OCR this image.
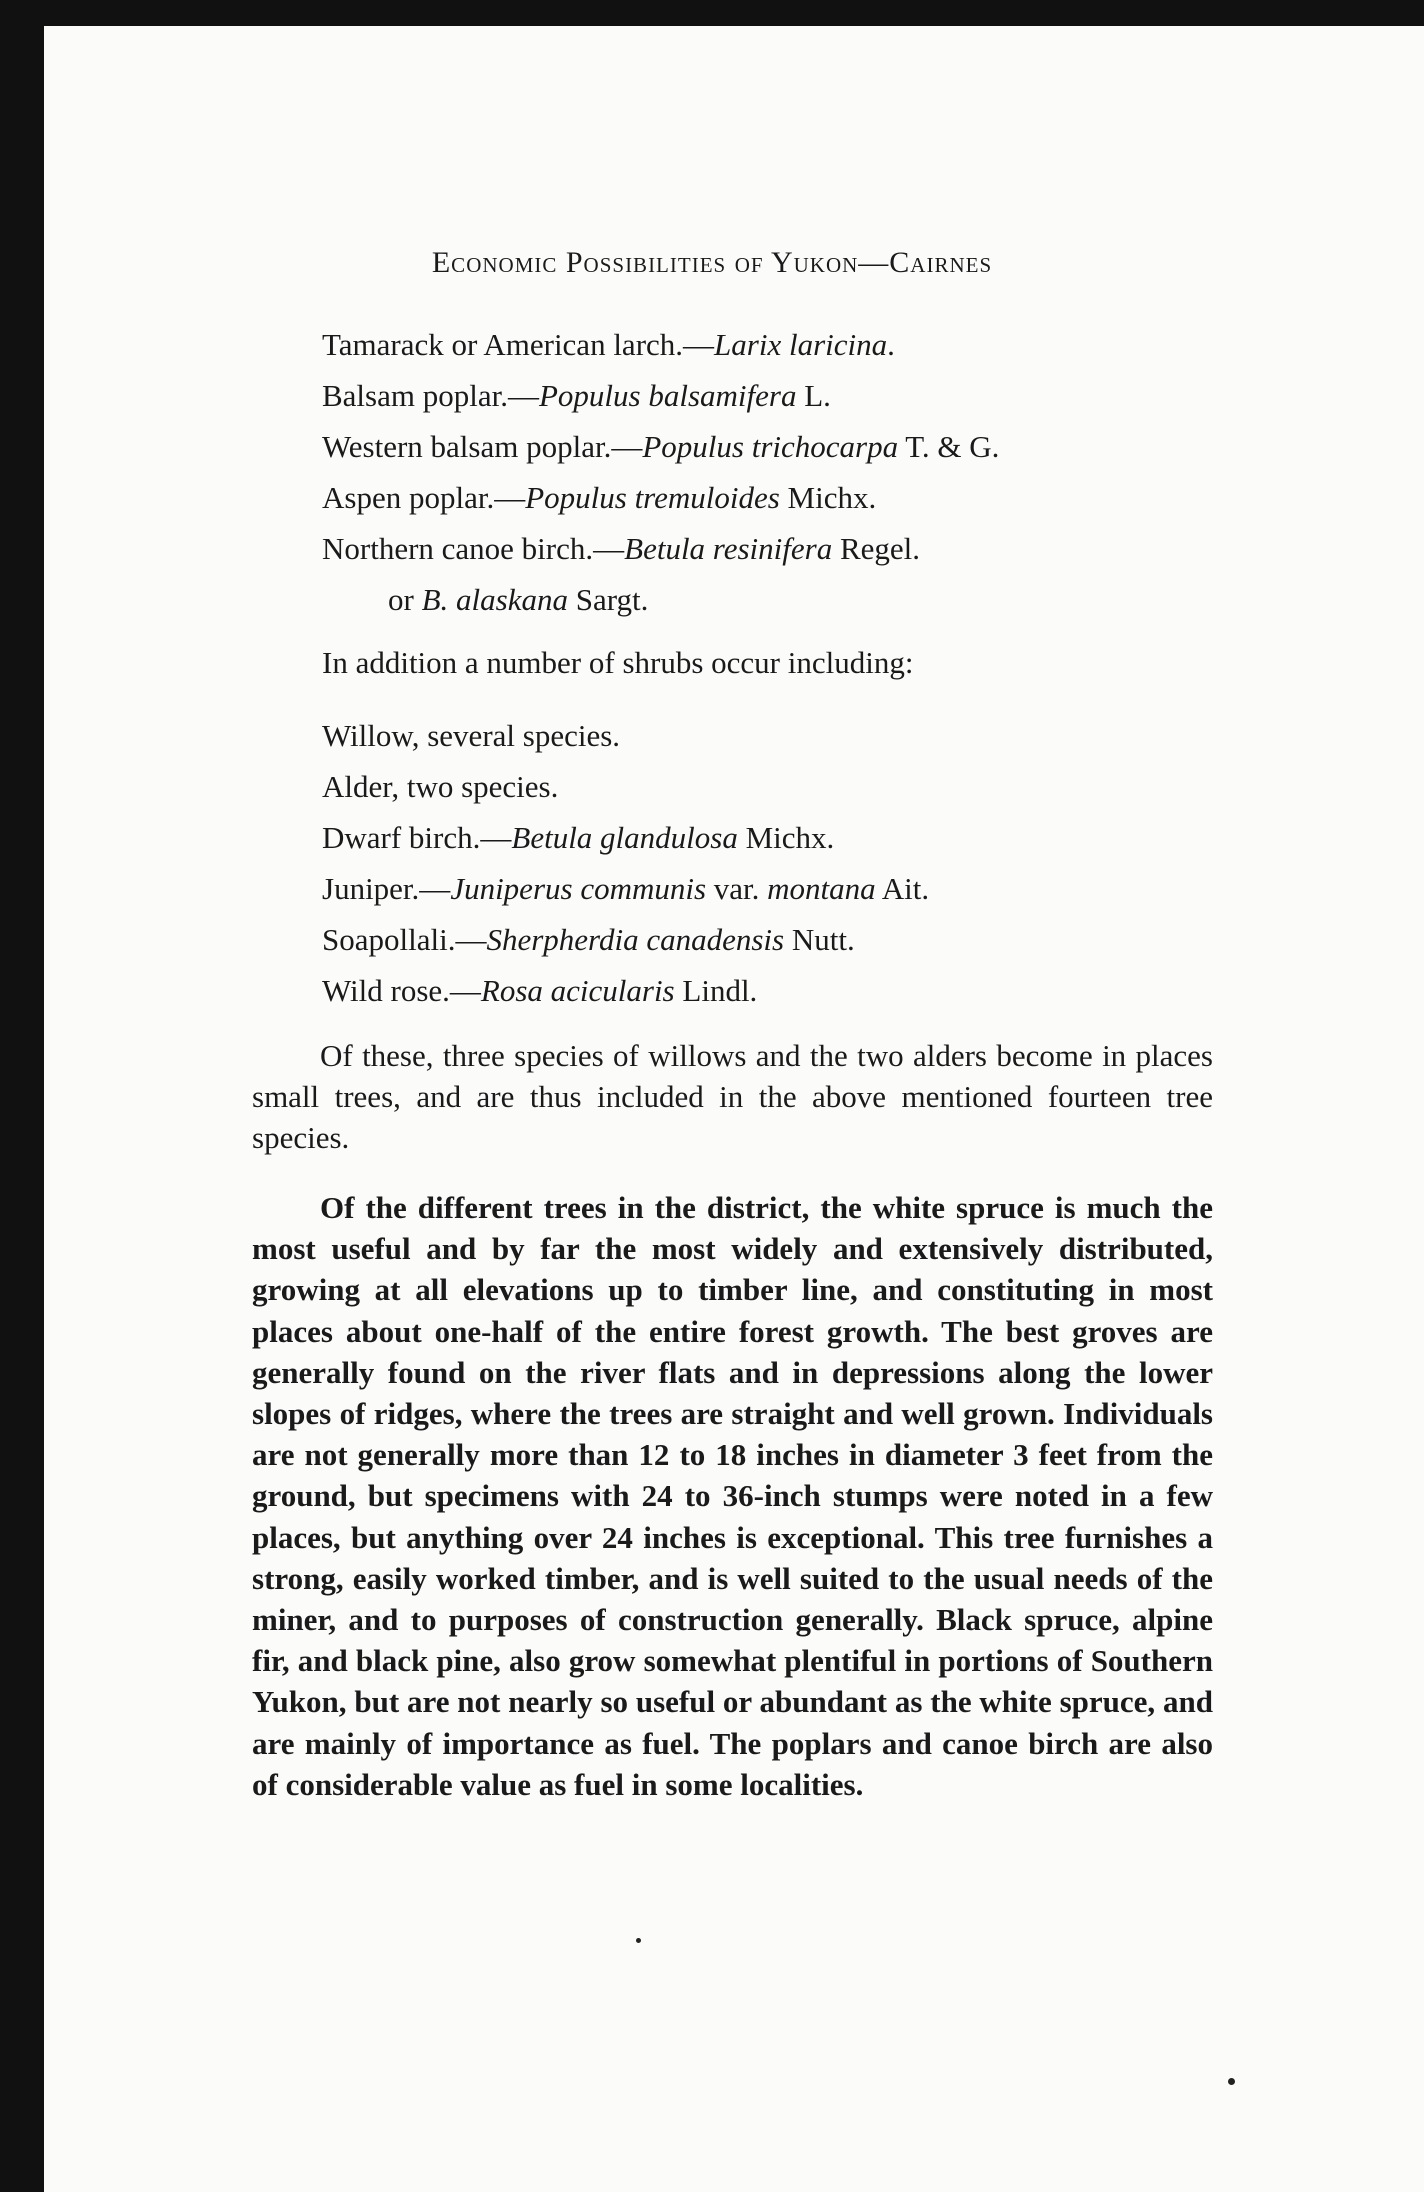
Economic Possibilities of Yukon—Cairnes
Tamarack or American larch.—Larix laricina.
Balsam poplar.—Populus balsamifera L.
Western balsam poplar.—Populus trichocarpa T. & G.
Aspen poplar.—Populus tremuloides Michx.
Northern canoe birch.—Betula resinifera Regel.
or B. alaskana Sargt.
In addition a number of shrubs occur including:
Willow, several species.
Alder, two species.
Dwarf birch.—Betula glandulosa Michx.
Juniper.—Juniperus communis var. montana Ait.
Soapollali.—Sherpherdia canadensis Nutt.
Wild rose.—Rosa acicularis Lindl.
Of these, three species of willows and the two alders become in places small trees, and are thus included in the above mentioned fourteen tree species.
Of the different trees in the district, the white spruce is much the most useful and by far the most widely and extensively distributed, growing at all elevations up to timber line, and constituting in most places about one-half of the entire forest growth. The best groves are generally found on the river flats and in depressions along the lower slopes of ridges, where the trees are straight and well grown. Individuals are not generally more than 12 to 18 inches in diameter 3 feet from the ground, but specimens with 24 to 36-inch stumps were noted in a few places, but anything over 24 inches is exceptional. This tree furnishes a strong, easily worked timber, and is well suited to the usual needs of the miner, and to purposes of construction generally. Black spruce, alpine fir, and black pine, also grow somewhat plentiful in portions of Southern Yukon, but are not nearly so useful or abundant as the white spruce, and are mainly of importance as fuel. The poplars and canoe birch are also of considerable value as fuel in some localities.
